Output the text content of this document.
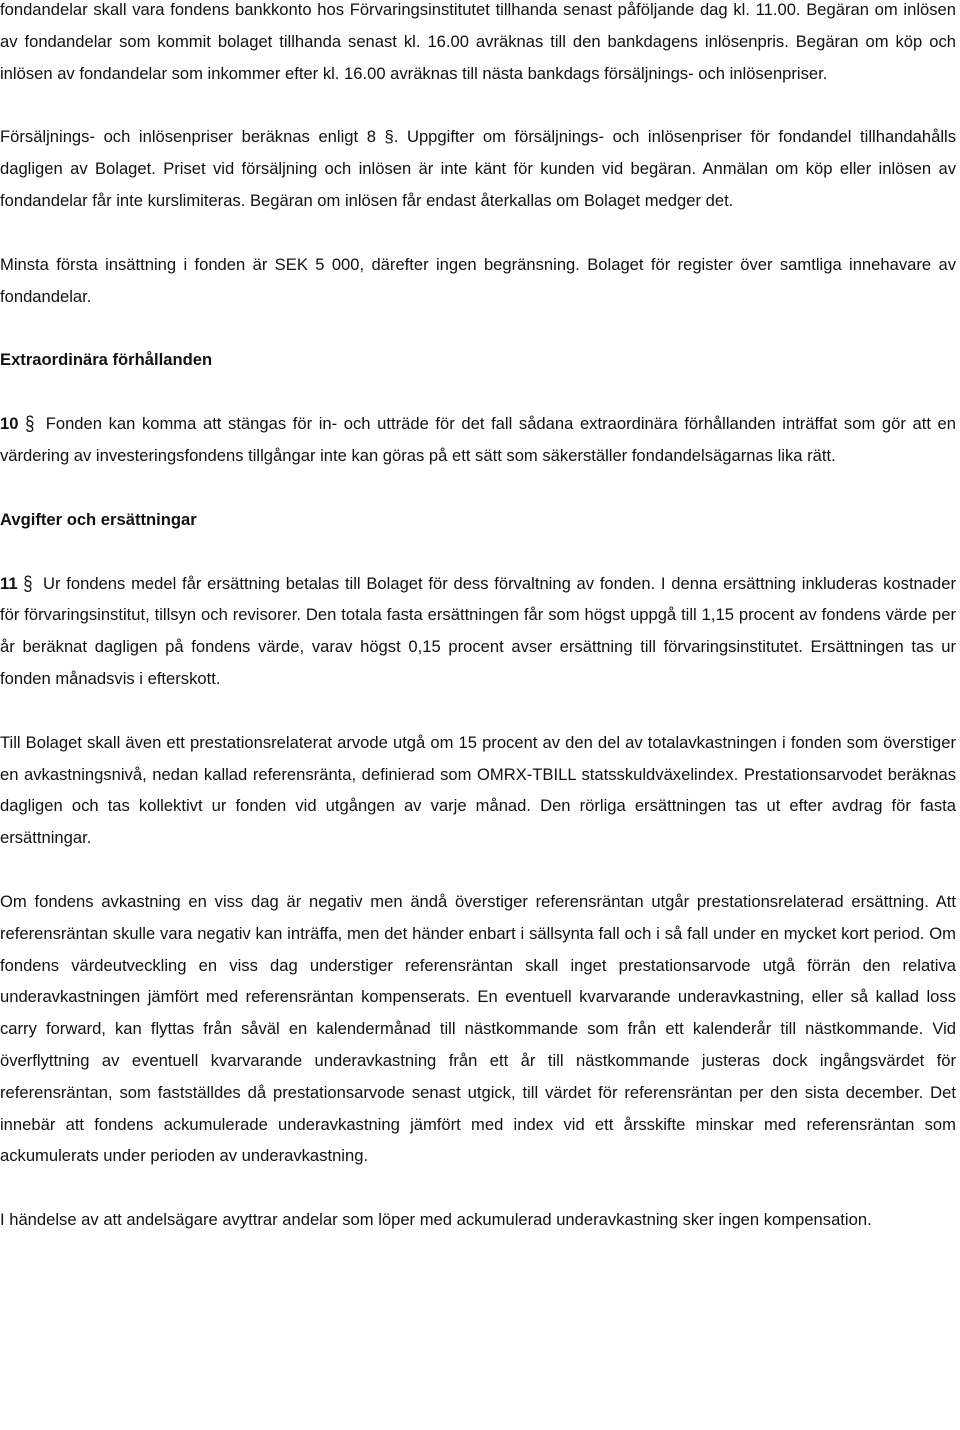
fondandelar skall vara fondens bankkonto hos Förvaringsinstitutet tillhanda senast påföljande dag kl. 11.00. Begäran om inlösen av fondandelar som kommit bolaget tillhanda senast kl. 16.00 avräknas till den bankdagens inlösenpris. Begäran om köp och inlösen av fondandelar som inkommer efter kl. 16.00 avräknas till nästa bankdags försäljnings- och inlösenpriser.

Försäljnings- och inlösenpriser beräknas enligt 8 §. Uppgifter om försäljnings- och inlösenpriser för fondandel tillhandahålls dagligen av Bolaget. Priset vid försäljning och inlösen är inte känt för kunden vid begäran. Anmälan om köp eller inlösen av fondandelar får inte kurslimiteras. Begäran om inlösen får endast återkallas om Bolaget medger det.

Minsta första insättning i fonden är SEK 5 000, därefter ingen begränsning. Bolaget för register över samtliga innehavare av fondandelar.

Extraordinära förhållanden

10 § Fonden kan komma att stängas för in- och utträde för det fall sådana extraordinära förhållanden inträffat som gör att en värdering av investeringsfondens tillgångar inte kan göras på ett sätt som säkerställer fondandelsägarnas lika rätt.

Avgifter och ersättningar

11 § Ur fondens medel får ersättning betalas till Bolaget för dess förvaltning av fonden. I denna ersättning inkluderas kostnader för förvaringsinstitut, tillsyn och revisorer. Den totala fasta ersättningen får som högst uppgå till 1,15 procent av fondens värde per år beräknat dagligen på fondens värde, varav högst 0,15 procent avser ersättning till förvaringsinstitutet. Ersättningen tas ur fonden månadsvis i efterskott.

Till Bolaget skall även ett prestationsrelaterat arvode utgå om 15 procent av den del av totalavkastningen i fonden som överstiger en avkastningsnivå, nedan kallad referensränta, definierad som OMRX-TBILL statsskuldväxelindex. Prestationsarvodet beräknas dagligen och tas kollektivt ur fonden vid utgången av varje månad. Den rörliga ersättningen tas ut efter avdrag för fasta ersättningar.

Om fondens avkastning en viss dag är negativ men ändå överstiger referensräntan utgår prestationsrelaterad ersättning. Att referensräntan skulle vara negativ kan inträffa, men det händer enbart i sällsynta fall och i så fall under en mycket kort period. Om fondens värdeutveckling en viss dag understiger referensräntan skall inget prestationsarvode utgå förrän den relativa underavkastningen jämfört med referensräntan kompenserats. En eventuell kvarvarande underavkastning, eller så kallad loss carry forward, kan flyttas från såväl en kalendermånad till nästkommande som från ett kalenderår till nästkommande. Vid överflyttning av eventuell kvarvarande underavkastning från ett år till nästkommande justeras dock ingångsvärdet för referensräntan, som fastställdes då prestationsarvode senast utgick, till värdet för referensräntan per den sista december. Det innebär att fondens ackumulerade underavkastning jämfört med index vid ett årsskifte minskar med referensräntan som ackumulerats under perioden av underavkastning.

I händelse av att andelsägare avyttrar andelar som löper med ackumulerad underavkastning sker ingen kompensation.
